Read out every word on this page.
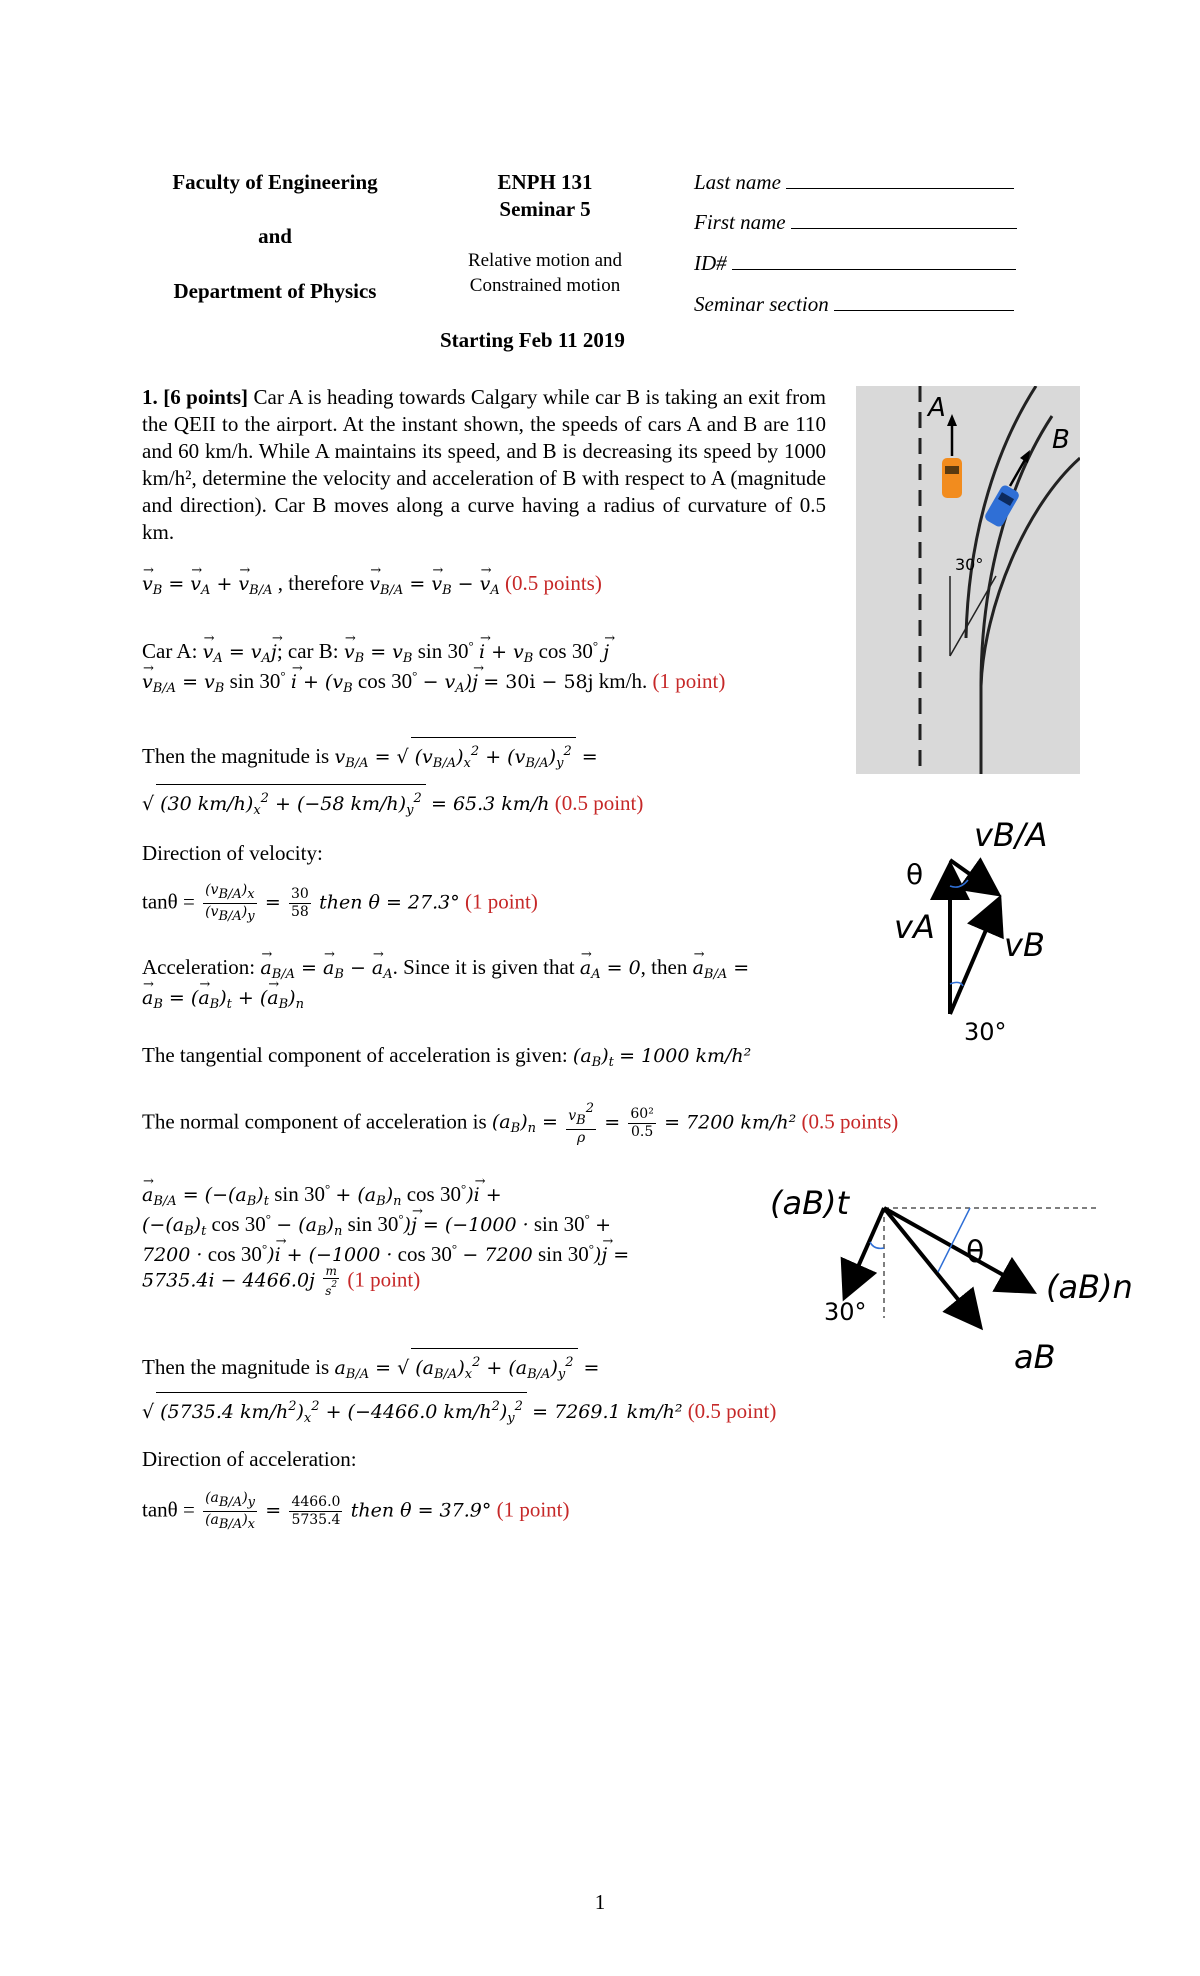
Faculty of Engineering
and
Department of Physics
ENPH 131
Seminar 5
Relative motion and
Constrained motion
Starting Feb 11 2019
Last name
First name
ID#
Seminar section
1. [6 points] Car A is heading towards Calgary while car B is taking an exit from the QEII to the airport. At the instant shown, the speeds of cars A and B are 110 and 60 km/h. While A maintains its speed, and B is decreasing its speed by 1000 km/h², determine the velocity and acceleration of B with respect to A (magnitude and direction). Car B moves along a curve having a radius of curvature of 0.5 km.
30°
A
B
→ $v_B$ = → $v_A$ + → $v_{B/A}$ , therefore → $v_{B/A}$ = → $v_B$ − → $v_A$ (0.5 points)
Car A: → $v_A = v_A\to j$; car B: → $v_B = v_B$ $\sin 30^\circ \to i + v_B$ cos 30° → j
→ $v_{B/A} = v_B$ $\sin 30^\circ \to i + (v_B$ $\cos 30^\circ - v_A)\to j = 30i - 58j$ km/h. (1 point)
Then the magnitude is $v_{B/A}$ = √ $(v_{B/A})_x^2 + (v_{B/A})_y^2$ =
√ (30 $km/h)_x^2 + (-58$ $km/h)_y^2 = 65.3$ km/h (0.5 point)
Direction of velocity:
$\tan\theta = \frac{(vB/A)x}{(vB/A)y} = \frac{30}{58}$ then θ = 27.3° (1 point)
Acceleration: → $a_{B/A}$ = → $a_B$ − → $a_A$. Since it is given that → $a_A = 0$, then → $a_{B/A}$ =
→ $a_B$ = (→ $a_B)_t$ + (→ $a_B)_n$
The tangential component of acceleration is given: $(a_B)_t = 1000$ km/h²
The normal component of acceleration is $(a_B)_n = \frac{vB2}{\rho} = \frac{\text{60²}}{0.5} = 7200$ km/h² (0.5 points)
→ $a_{B/A} = (-(a_B)_t$ $\sin 30^\circ + (a_B)_n$ cos 30°)→ i +
($-(a_B)_t$ $\cos 30^\circ - (a_B)_n$ sin 30°)→ j = (−1000 · sin 30° +
7200 · cos 30°)→ i + (−1000 · cos 30° − 7200 sin 30°)→ j =
$5735.4i - 4466.0j \frac{m}{s^2} (1$ point)
Then the magnitude is $a_{B/A}$ = √ $(a_{B/A})_x^2 + (a_{B/A})_y^2$ =
√ (5735.4 $km/h^2)_x^2 + (-4466.0$ $km/h^2)_y^2 = 7269.1$ km/h² (0.5 point)
Direction of acceleration:
$\tan\theta = \frac{(aB/A)y}{(aB/A)x} = \frac{4466.0}{5735.4}$ then θ = 37.9° (1 point)
vB/A
θ
vA vB
30°
(aB)t
θ
(aB)n
aB
30°
1
